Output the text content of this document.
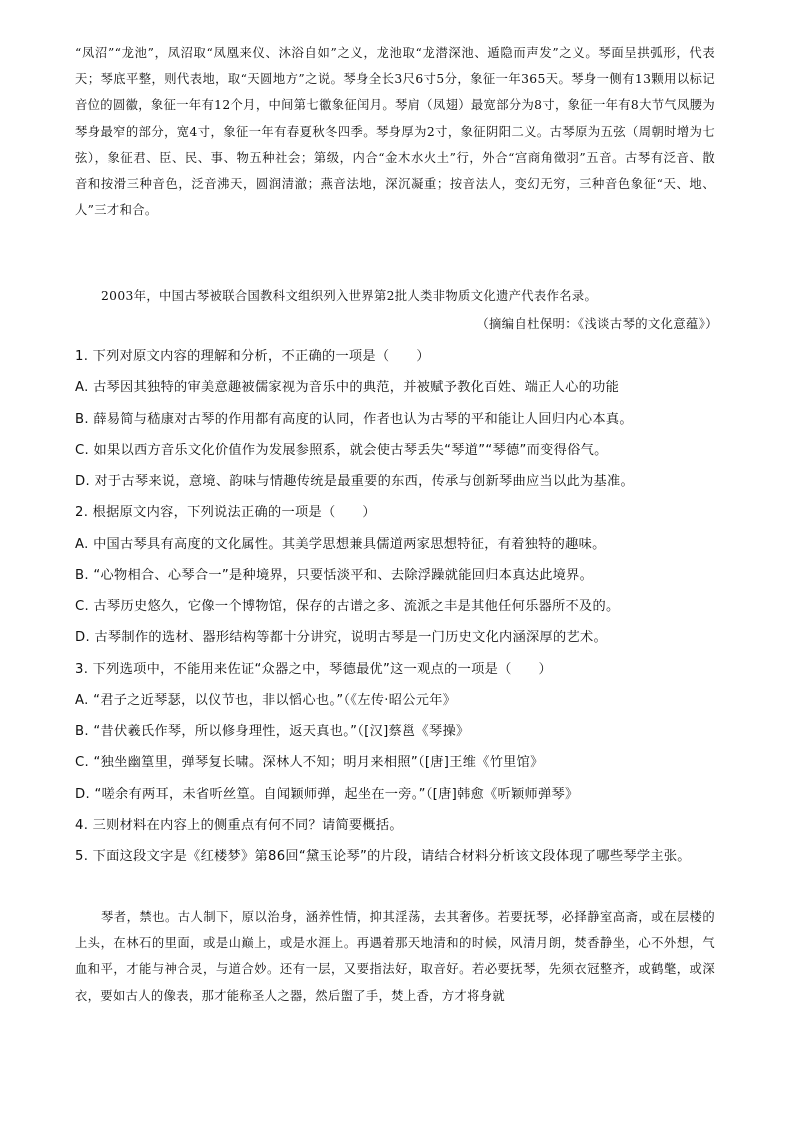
“凤沼”“龙池”，凤沼取“凤凰来仪、沐浴自如”之义，龙池取“龙潜深池、遁隐而声发”之义。琴面呈拱弧形，代表天；琴底平整，则代表地，取“天圆地方”之说。琴身全长3尺6寸5分，象征一年365天。琴身一侧有13颗用以标记音位的圆徽，象征一年有12个月，中间第七徽象征闰月。琴肩（凤翅）最宽部分为8寸，象征一年有8大节气凤腰为琴身最窄的部分，宽4寸，象征一年有春夏秋冬四季。琴身厚为2寸，象征阴阳二义。古琴原为五弦（周朝时增为七弦），象征君、臣、民、事、物五种社会；第级，内合“金木水火土”行，外合“宫商角徵羽”五音。古琴有泛音、散音和按滑三种音色，泛音沸天，圆润清澈；燕音法地，深沉凝重；按音法人，变幻无穷，三种音色象征“天、地、人”三才和合。
2003年，中国古琴被联合国教科文组织列入世界第2批人类非物质文化遗产代表作名录。
（摘编自杜保明：《浅谈古琴的文化意蕴》）
1. 下列对原文内容的理解和分析，不正确的一项是（　　）
A. 古琴因其独特的审美意趣被儒家视为音乐中的典范，并被赋予教化百姓、端正人心的功能
B. 薛易简与嵇康对古琴的作用都有高度的认同，作者也认为古琴的平和能让人回归内心本真。
C. 如果以西方音乐文化价值作为发展参照系，就会使古琴丢失“琴道”“琴德”而变得俗气。
D. 对于古琴来说，意境、韵味与情趣传统是最重要的东西，传承与创新琴曲应当以此为基准。
2. 根据原文内容，下列说法正确的一项是（　　）
A. 中国古琴具有高度的文化属性。其美学思想兼具儒道两家思想特征，有着独特的趣味。
B. “心物相合、心琴合一”是种境界，只要恬淡平和、去除浮躁就能回归本真达此境界。
C. 古琴历史悠久，它像一个博物馆，保存的古谱之多、流派之丰是其他任何乐器所不及的。
D. 古琴制作的选材、器形结构等都十分讲究，说明古琴是一门历史文化内涵深厚的艺术。
3. 下列选项中，不能用来佐证“众器之中，琴德最优”这一观点的一项是（　　）
A. “君子之近琴瑟，以仪节也，非以慆心也。”（《左传·昭公元年》
B. “昔伏羲氏作琴，所以修身理性，返天真也。”（[汉]蔡邕《琴操》
C. “独坐幽篁里，弹琴复长啸。深林人不知；明月来相照”（[唐]王维《竹里馆》
D. “嗟余有两耳，未省听丝篁。自闻颖师弹，起坐在一旁。”（[唐]韩愈《听颖师弹琴》
4. 三则材料在内容上的侧重点有何不同？请简要概括。
5. 下面这段文字是《红楼梦》第86回“黛玉论琴”的片段，请结合材料分析该文段体现了哪些琴学主张。
琴者，禁也。古人制下，原以治身，涵养性情，抑其淫荡，去其奢侈。若要抚琴，必择静室高斋，或在层楼的上头，在林石的里面，或是山巅上，或是水涯上。再遇着那天地清和的时候，风清月朗，焚香静坐，心不外想，气血和平，才能与神合灵，与道合妙。还有一层，又要指法好，取音好。若必要抚琴，先须衣冠整齐，或鹤氅，或深衣，要如古人的像表，那才能称圣人之器，然后盥了手，焚上香，方才将身就
